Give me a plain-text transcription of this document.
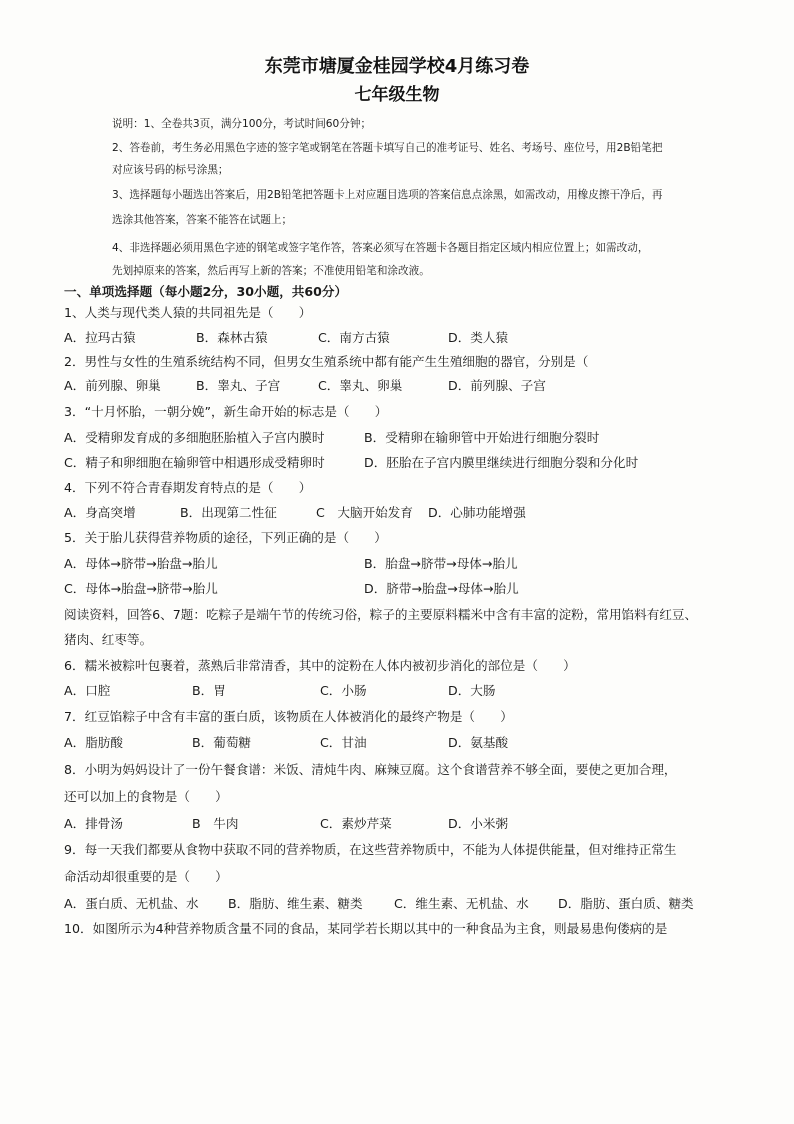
东莞市塘厦金桂园学校4月练习卷
七年级生物
说明：1、全卷共3页，满分100分，考试时间60分钟；
2、答卷前，考生务必用黑色字迹的签字笔或钢笔在答题卡填写自己的准考证号、姓名、考场号、座位号，用2B铅笔把
对应该号码的标号涂黑；
3、选择题每小题选出答案后，用2B铅笔把答题卡上对应题目选项的答案信息点涂黑，如需改动，用橡皮擦干净后，再
选涂其他答案，答案不能答在试题上；
4、非选择题必须用黑色字迹的钢笔或签字笔作答，答案必须写在答题卡各题目指定区域内相应位置上；如需改动，
先划掉原来的答案，然后再写上新的答案；不准使用铅笔和涂改液。
一、单项选择题（每小题2分，30小题，共60分）
1、人类与现代类人猿的共同祖先是（　　）
A．拉玛古猿	B．森林古猿	C．南方古猿	D．类人猿
2．男性与女性的生殖系统结构不同，但男女生殖系统中都有能产生生殖细胞的器官，分别是（
A．前列腺、卵巢	B．睾丸、子宫	C．睾丸、卵巢	D．前列腺、子宫
3．“十月怀胎，一朝分娩”，新生命开始的标志是（　　）
A．受精卵发育成的多细胞胚胎植入子宫内膜时	B．受精卵在输卵管中开始进行细胞分裂时
C．精子和卵细胞在输卵管中相遇形成受精卵时	D．胚胎在子宫内膜里继续进行细胞分裂和分化时
4．下列不符合青春期发育特点的是（　　）
A．身高突增	B．出现第二性征	C　大脑开始发育 D．心肺功能增强
5．关于胎儿获得营养物质的途径，下列正确的是（　　）
A．母体→脐带→胎盘→胎儿	B．胎盘→脐带→母体→胎儿
C．母体→胎盘→脐带→胎儿	D．脐带→胎盘→母体→胎儿
阅读资料，回答6、7题：吃粽子是端午节的传统习俗，粽子的主要原料糯米中含有丰富的淀粉，常用馅料有红豆、
猪肉、红枣等。
6．糯米被粽叶包裹着，蒸熟后非常清香，其中的淀粉在人体内被初步消化的部位是（　　）
A．口腔	B．胃	C．小肠	D．大肠
7．红豆馅粽子中含有丰富的蛋白质，该物质在人体被消化的最终产物是（　　）
A．脂肪酸	B．葡萄糖	C．甘油	D．氨基酸
8．小明为妈妈设计了一份午餐食谱：米饭、清炖牛肉、麻辣豆腐。这个食谱营养不够全面，要使之更加合理，
还可以加上的食物是（　　）
A．排骨汤	B　牛肉	C．素炒芹菜	D．小米粥
9．每一天我们都要从食物中获取不同的营养物质，在这些营养物质中，不能为人体提供能量，但对维持正常生
命活动却很重要的是（　　）
A．蛋白质、无机盐、水 B．脂肪、维生素、糖类 C．维生素、无机盐、水 D．脂肪、蛋白质、糖类
10．如图所示为4种营养物质含量不同的食品，某同学若长期以其中的一种食品为主食，则最易患佝偻病的是
